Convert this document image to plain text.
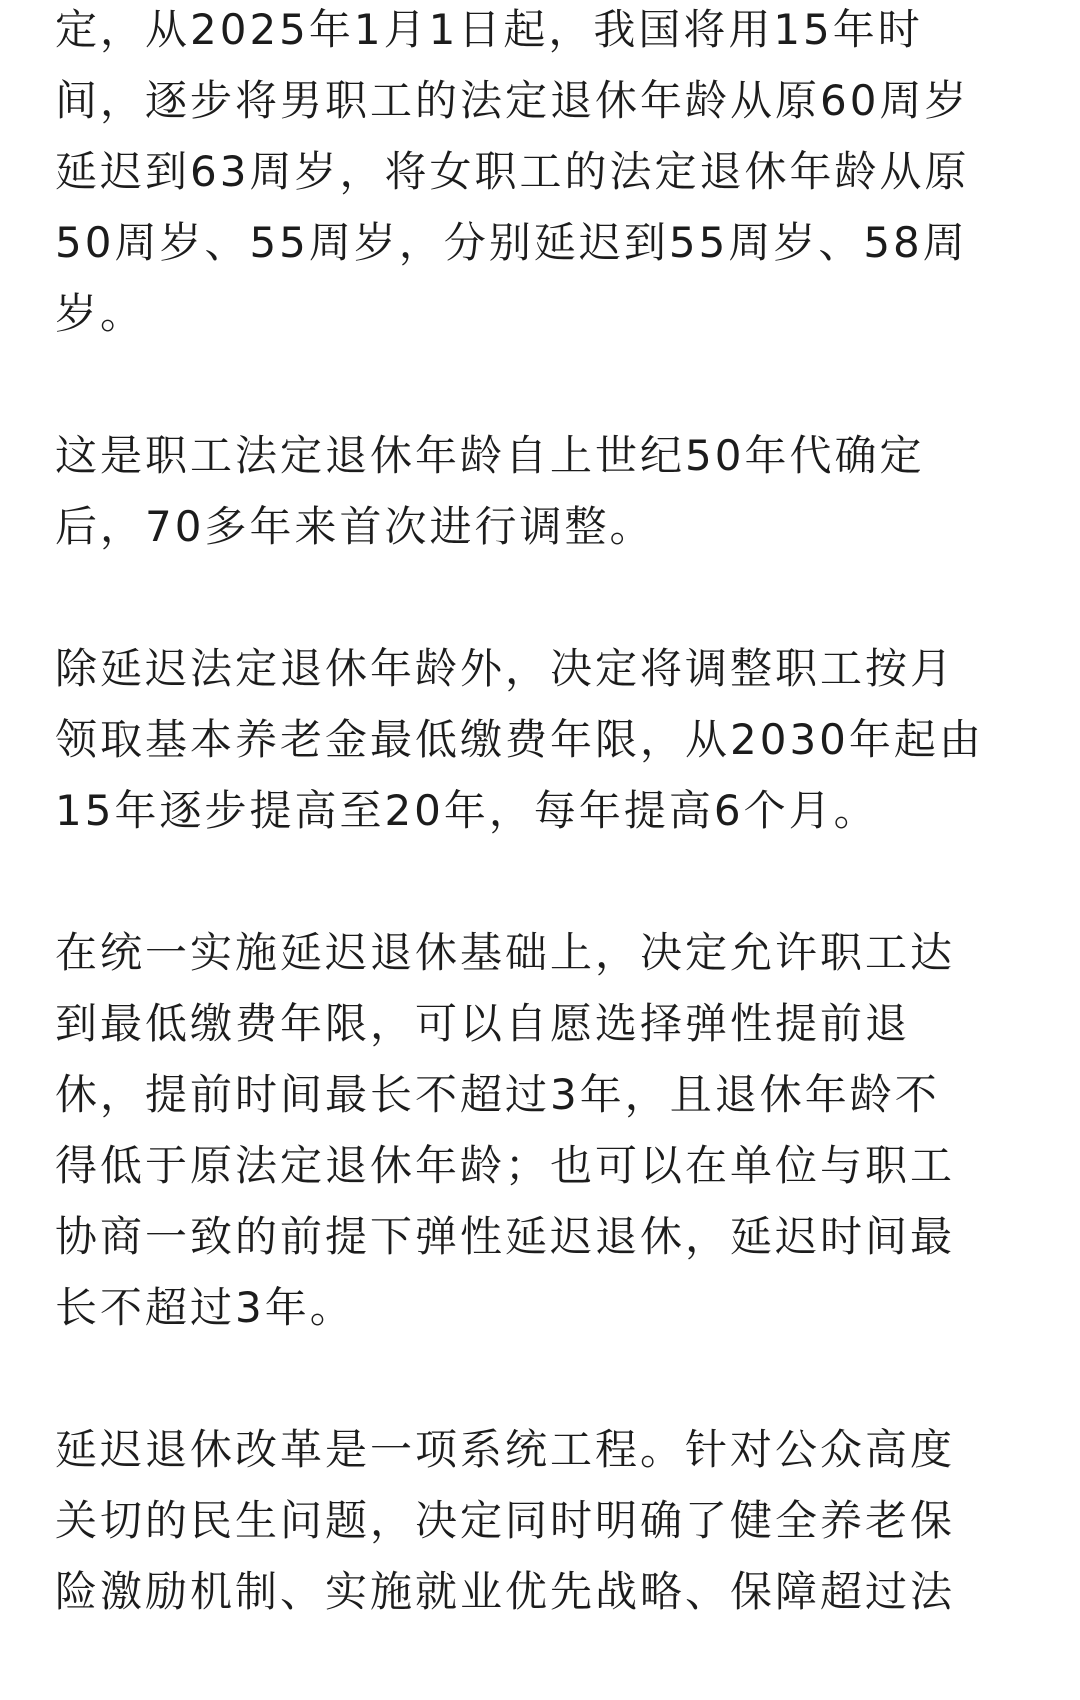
定，从2025年1月1日起，我国将用15年时
间，逐步将男职工的法定退休年龄从原60周岁
延迟到63周岁，将女职工的法定退休年龄从原
50周岁、55周岁，分别延迟到55周岁、58周
岁。
这是职工法定退休年龄自上世纪50年代确定
后，70多年来首次进行调整。
除延迟法定退休年龄外，决定将调整职工按月
领取基本养老金最低缴费年限，从2030年起由
15年逐步提高至20年，每年提高6个月。
在统一实施延迟退休基础上，决定允许职工达
到最低缴费年限，可以自愿选择弹性提前退
休，提前时间最长不超过3年，且退休年龄不
得低于原法定退休年龄；也可以在单位与职工
协商一致的前提下弹性延迟退休，延迟时间最
长不超过3年。
延迟退休改革是一项系统工程。针对公众高度
关切的民生问题，决定同时明确了健全养老保
险激励机制、实施就业优先战略、保障超过法
